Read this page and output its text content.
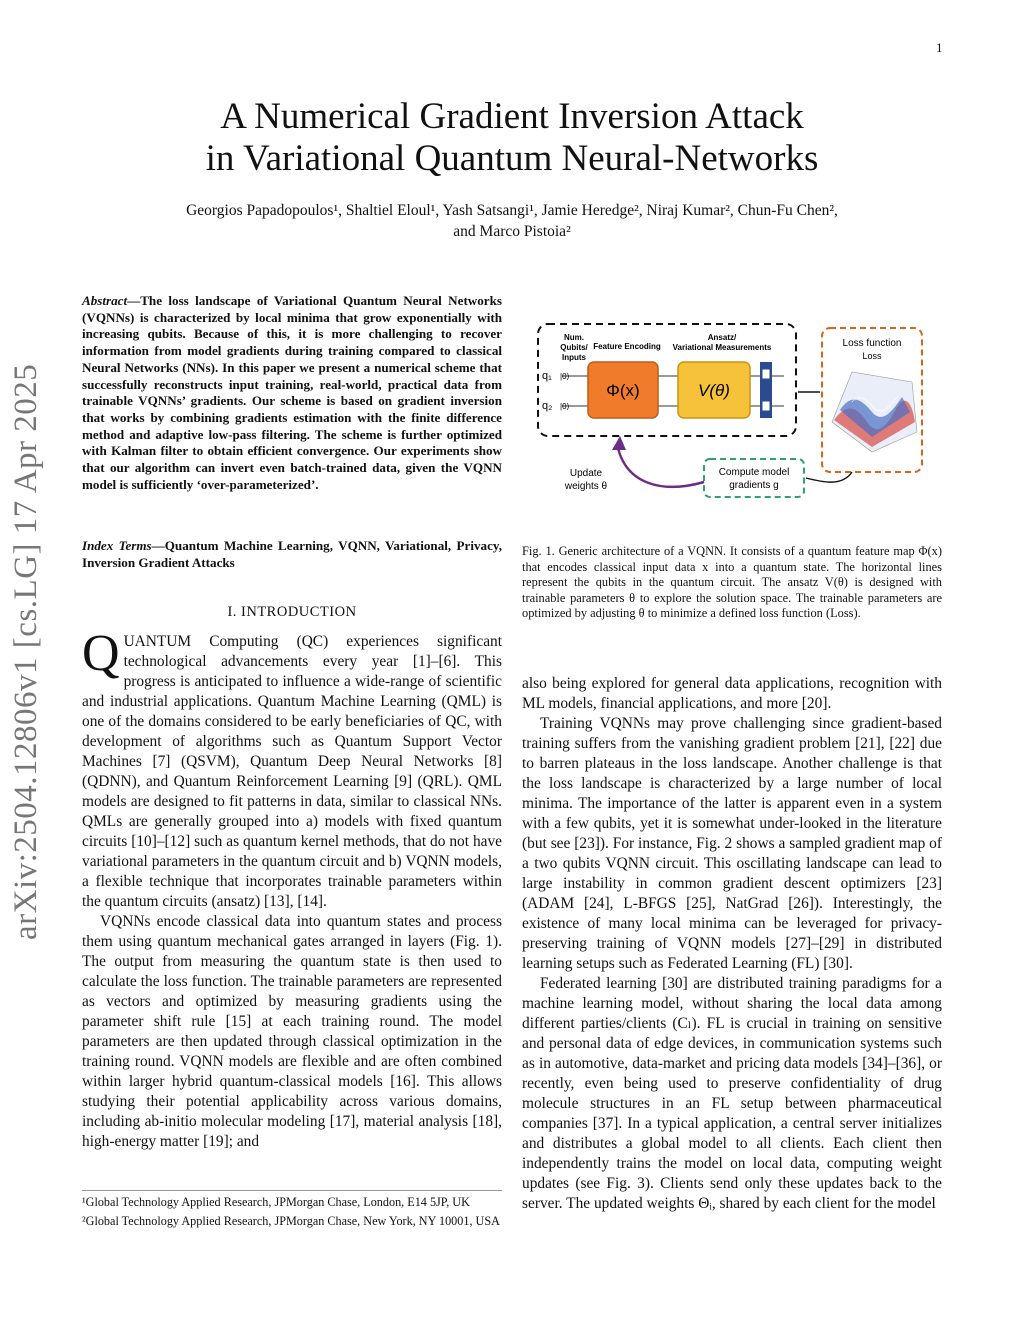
1
arXiv:2504.12806v1 [cs.LG] 17 Apr 2025
A Numerical Gradient Inversion Attack
in Variational Quantum Neural-Networks
Georgios Papadopoulos¹, Shaltiel Eloul¹, Yash Satsangi¹, Jamie Heredge², Niraj Kumar², Chun-Fu Chen²,
and Marco Pistoia²
Abstract—The loss landscape of Variational Quantum Neural Networks (VQNNs) is characterized by local minima that grow exponentially with increasing qubits. Because of this, it is more challenging to recover information from model gradients during training compared to classical Neural Networks (NNs). In this paper we present a numerical scheme that successfully reconstructs input training, real-world, practical data from trainable VQNNs’ gradients. Our scheme is based on gradient inversion that works by combining gradients estimation with the finite difference method and adaptive low-pass filtering. The scheme is further optimized with Kalman filter to obtain efficient convergence. Our experiments show that our algorithm can invert even batch-trained data, given the VQNN model is sufficiently ‘over-parameterized’.
Index Terms—Quantum Machine Learning, VQNN, Variational, Privacy, Inversion Gradient Attacks
I. INTRODUCTION

QUANTUM Computing (QC) experiences significant technological advancements every year [1]–[6]. This progress is anticipated to influence a wide-range of scientific and industrial applications. Quantum Machine Learning (QML) is one of the domains considered to be early beneficiaries of QC, with development of algorithms such as Quantum Support Vector Machines [7] (QSVM), Quantum Deep Neural Networks [8] (QDNN), and Quantum Reinforcement Learning [9] (QRL). QML models are designed to fit patterns in data, similar to classical NNs. QMLs are generally grouped into a) models with fixed quantum circuits [10]–[12] such as quantum kernel methods, that do not have variational parameters in the quantum circuit and b) VQNN models, a flexible technique that incorporates trainable parameters within the quantum circuits (ansatz) [13], [14].

VQNNs encode classical data into quantum states and process them using quantum mechanical gates arranged in layers (Fig. 1). The output from measuring the quantum state is then used to calculate the loss function. The trainable parameters are represented as vectors and optimized by measuring gradients using the parameter shift rule [15] at each training round. The model parameters are then updated through classical optimization in the training round. VQNN models are flexible and are often combined within larger hybrid quantum-classical models [16]. This allows studying their potential applicability across various domains, including ab-initio molecular modeling [17], material analysis [18], high-energy matter [19]; and

¹Global Technology Applied Research, JPMorgan Chase, London, E14 5JP, UK

²Global Technology Applied Research, JPMorgan Chase, New York, NY 10001, USA

Num. Qubits/ Inputs
Feature Encoding
Ansatz/ Variational Measurements
q₁
q₂
|0⟩
|0⟩
Φ(x)	V(θ)
Loss function
Loss
Compute model gradients g
Update weights θ
Fig. 1. Generic architecture of a VQNN. It consists of a quantum feature map Φ(x) that encodes classical input data x into a quantum state. The horizontal lines represent the qubits in the quantum circuit. The ansatz V(θ) is designed with trainable parameters θ to explore the solution space. The trainable parameters are optimized by adjusting θ to minimize a defined loss function (Loss).

also being explored for general data applications, recognition with ML models, financial applications, and more [20].

Training VQNNs may prove challenging since gradient-based training suffers from the vanishing gradient problem [21], [22] due to barren plateaus in the loss landscape. Another challenge is that the loss landscape is characterized by a large number of local minima. The importance of the latter is apparent even in a system with a few qubits, yet it is somewhat under-looked in the literature (but see [23]). For instance, Fig. 2 shows a sampled gradient map of a two qubits VQNN circuit. This oscillating landscape can lead to large instability in common gradient descent optimizers [23] (ADAM [24], L-BFGS [25], NatGrad [26]). Interestingly, the existence of many local minima can be leveraged for privacy-preserving training of VQNN models [27]–[29] in distributed learning setups such as Federated Learning (FL) [30].

Federated learning [30] are distributed training paradigms for a machine learning model, without sharing the local data among different parties/clients (Cₗ). FL is crucial in training on sensitive and personal data of edge devices, in communication systems such as in automotive, data-market and pricing data models [34]–[36], or recently, even being used to preserve confidentiality of drug molecule structures in an FL setup between pharmaceutical companies [37]. In a typical application, a central server initializes and distributes a global model to all clients. Each client then independently trains the model on local data, computing weight updates (see Fig. 3). Clients send only these updates back to the server. The updated weights Θᵢ, shared by each client for the model
